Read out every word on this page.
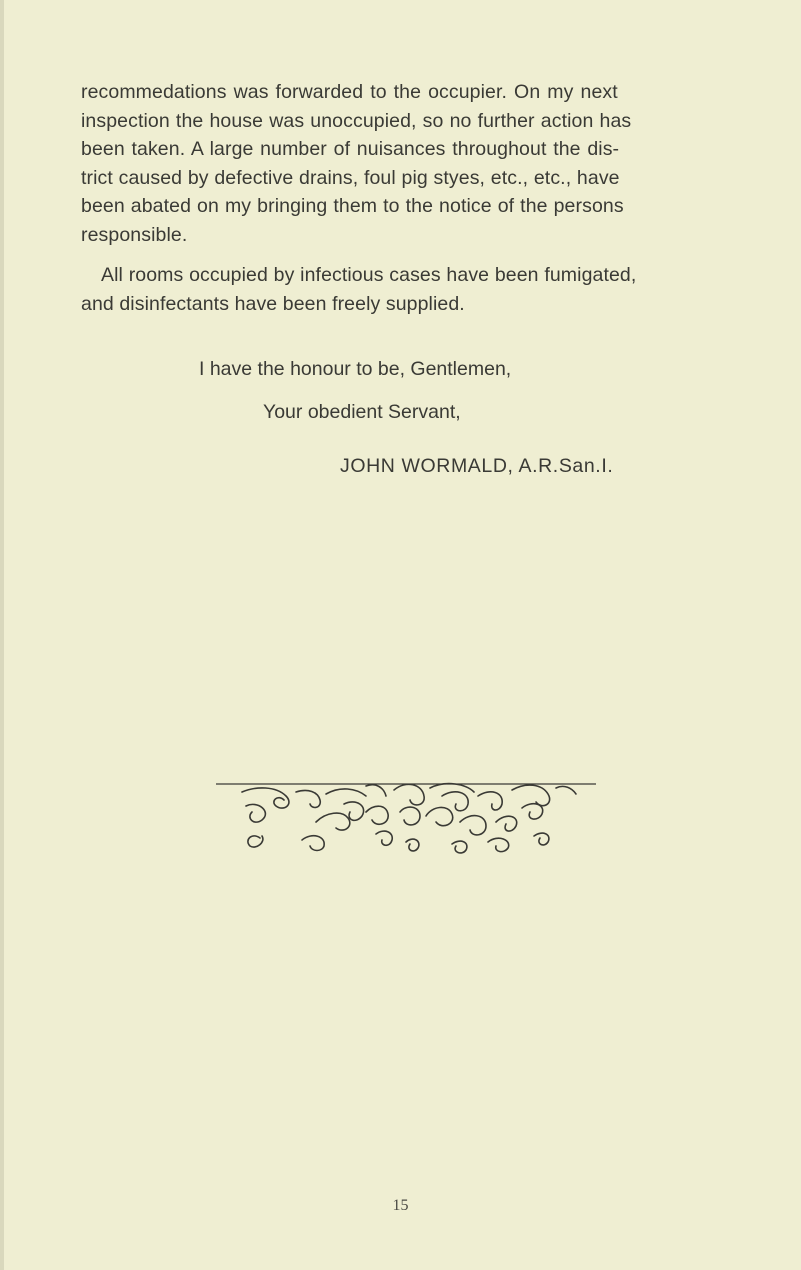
recommedations was forwarded to the occupier. On my next
inspection the house was unoccupied, so no further action has
been taken. A large number of nuisances throughout the dis-
trict caused by defective drains, foul pig styes, etc., etc., have
been abated on my bringing them to the notice of the persons
responsible.
All rooms occupied by infectious cases have been fumigated,
and disinfectants have been freely supplied.
I have the honour to be, Gentlemen,
Your obedient Servant,
JOHN WORMALD, A.R.San.I.
15
